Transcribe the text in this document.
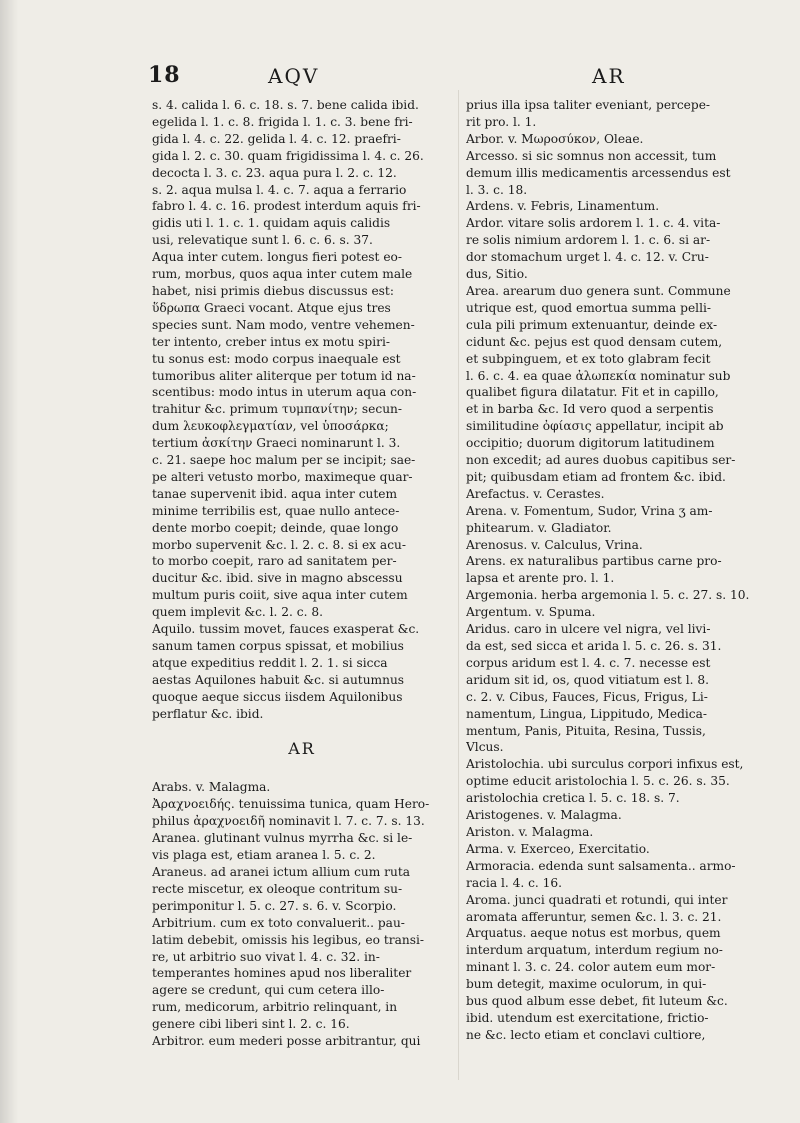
18	AQV	AR
s. 4. calida l. 6. c. 18. s. 7. bene calida ibid.
egelida l. 1. c. 8. frigida l. 1. c. 3. bene fri-
gida l. 4. c. 22. gelida l. 4. c. 12. praefri-
gida l. 2. c. 30. quam frigidissima l. 4. c. 26.
decocta l. 3. c. 23. aqua pura l. 2. c. 12.
s. 2. aqua mulsa l. 4. c. 7. aqua a ferrario
fabro l. 4. c. 16. prodest interdum aquis fri-
gidis uti l. 1. c. 1. quidam aquis calidis
usi, relevatique sunt l. 6. c. 6. s. 37.
Aqua inter cutem. longus fieri potest eo-
rum, morbus, quos aqua inter cutem male
habet, nisi primis diebus discussus est:
ὕδρωπα Graeci vocant. Atque ejus tres
species sunt. Nam modo, ventre vehemen-
ter intento, creber intus ex motu spiri-
tu sonus est: modo corpus inaequale est
tumoribus aliter aliterque per totum id na-
scentibus: modo intus in uterum aqua con-
trahitur &c. primum τυμπανίτην; secun-
dum λευκοφλεγματίαν, vel ὑποσάρκα;
tertium ἀσκίτην Graeci nominarunt l. 3.
c. 21. saepe hoc malum per se incipit; sae-
pe alteri vetusto morbo, maximeque quar-
tanae supervenit ibid. aqua inter cutem
minime terribilis est, quae nullo antece-
dente morbo coepit; deinde, quae longo
morbo supervenit &c. l. 2. c. 8. si ex acu-
to morbo coepit, raro ad sanitatem per-
ducitur &c. ibid. sive in magno abscessu
multum puris coiit, sive aqua inter cutem
quem implevit &c. l. 2. c. 8.
Aquilo. tussim movet, fauces exasperat &c.
sanum tamen corpus spissat, et mobilius
atque expeditius reddit l. 2. 1. si sicca
aestas Aquilones habuit &c. si autumnus
quoque aeque siccus iisdem Aquilonibus
perflatur &c. ibid.
AR
Arabs. v. Malagma.
Ἀραχνοειδής. tenuissima tunica, quam Hero-
philus ἀραχνοειδῆ nominavit l. 7. c. 7. s. 13.
Aranea. glutinant vulnus myrrha &c. si le-
vis plaga est, etiam aranea l. 5. c. 2.
Araneus. ad aranei ictum allium cum ruta
recte miscetur, ex oleoque contritum su-
perimponitur l. 5. c. 27. s. 6. v. Scorpio.
Arbitrium. cum ex toto convaluerit.. pau-
latim debebit, omissis his legibus, eo transi-
re, ut arbitrio suo vivat l. 4. c. 32. in-
temperantes homines apud nos liberaliter
agere se credunt, qui cum cetera illo-
rum, medicorum, arbitrio relinquant, in
genere cibi liberi sint l. 2. c. 16.
Arbitror. eum mederi posse arbitrantur, qui
prius illa ipsa taliter eveniant, percepe-
rit pro. l. 1.
Arbor. v. Μωροσύκον, Oleae.
Arcesso. si sic somnus non accessit, tum
demum illis medicamentis arcessendus est
l. 3. c. 18.
Ardens. v. Febris, Linamentum.
Ardor. vitare solis ardorem l. 1. c. 4. vita-
re solis nimium ardorem l. 1. c. 6. si ar-
dor stomachum urget l. 4. c. 12. v. Cru-
dus, Sitio.
Area. arearum duo genera sunt. Commune
utrique est, quod emortua summa pelli-
cula pili primum extenuantur, deinde ex-
cidunt &c. pejus est quod densam cutem,
et subpinguem, et ex toto glabram fecit
l. 6. c. 4. ea quae ἀλωπεκία nominatur sub
qualibet figura dilatatur. Fit et in capillo,
et in barba &c. Id vero quod a serpentis
similitudine ὀφίασις appellatur, incipit ab
occipitio; duorum digitorum latitudinem
non excedit; ad aures duobus capitibus ser-
pit; quibusdam etiam ad frontem &c. ibid.
Arefactus. v. Cerastes.
Arena. v. Fomentum, Sudor, Vrina ʒ am-
phitearum. v. Gladiator.
Arenosus. v. Calculus, Vrina.
Arens. ex naturalibus partibus carne pro-
lapsa et arente pro. l. 1.
Argemonia. herba argemonia l. 5. c. 27. s. 10.
Argentum. v. Spuma.
Aridus. caro in ulcere vel nigra, vel livi-
da est, sed sicca et arida l. 5. c. 26. s. 31.
corpus aridum est l. 4. c. 7. necesse est
aridum sit id, os, quod vitiatum est l. 8.
c. 2. v. Cibus, Fauces, Ficus, Frigus, Li-
namentum, Lingua, Lippitudo, Medica-
mentum, Panis, Pituita, Resina, Tussis,
Vlcus.
Aristolochia. ubi surculus corpori infixus est,
optime educit aristolochia l. 5. c. 26. s. 35.
aristolochia cretica l. 5. c. 18. s. 7.
Aristogenes. v. Malagma.
Ariston. v. Malagma.
Arma. v. Exerceo, Exercitatio.
Armoracia. edenda sunt salsamenta.. armo-
racia l. 4. c. 16.
Aroma. junci quadrati et rotundi, qui inter
aromata afferuntur, semen &c. l. 3. c. 21.
Arquatus. aeque notus est morbus, quem
interdum arquatum, interdum regium no-
minant l. 3. c. 24. color autem eum mor-
bum detegit, maxime oculorum, in qui-
bus quod album esse debet, fit luteum &c.
ibid. utendum est exercitatione, frictio-
ne &c. lecto etiam et conclavi cultiore,
